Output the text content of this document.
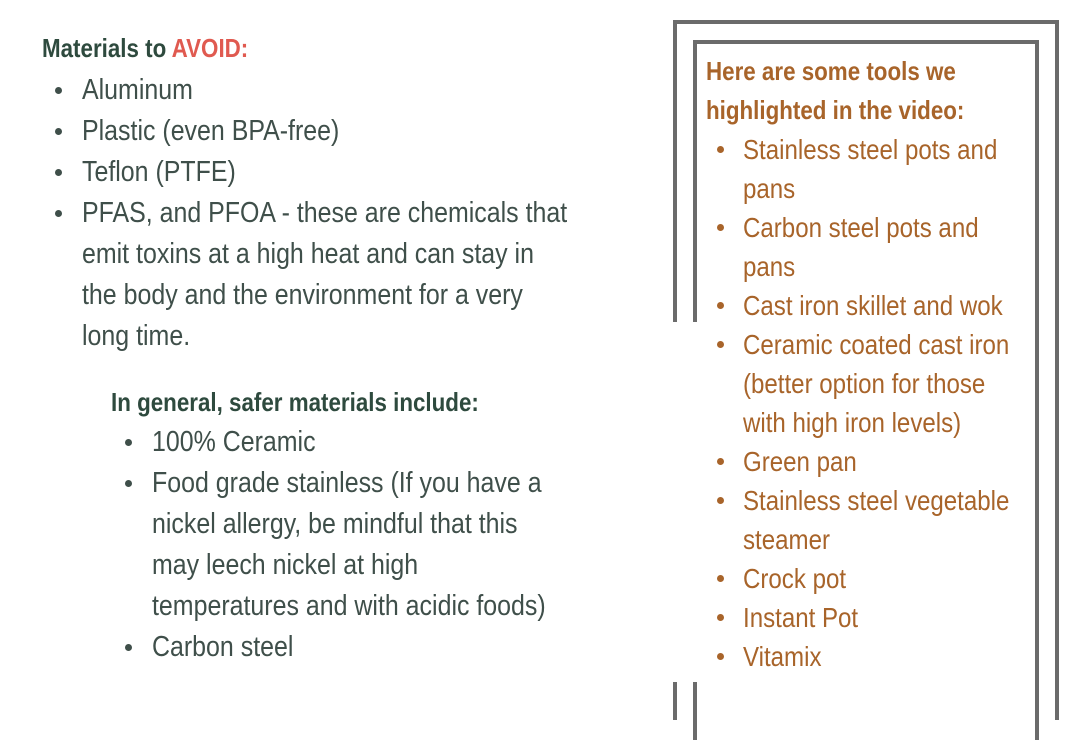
Materials to AVOID:
Aluminum
Plastic (even BPA-free)
Teflon (PTFE)
PFAS, and PFOA - these are chemicals that
emit toxins at a high heat and can stay in
the body and the environment for a very
long time.
In general, safer materials include:
100% Ceramic
Food grade stainless (If you have a
nickel allergy, be mindful that this
may leech nickel at high
temperatures and with acidic foods)
Carbon steel
Here are some tools we
highlighted in the video:
Stainless steel pots and
pans
Carbon steel pots and
pans
Cast iron skillet and wok
Ceramic coated cast iron
(better option for those
with high iron levels)
Green pan
Stainless steel vegetable
steamer
Crock pot
Instant Pot
Vitamix
